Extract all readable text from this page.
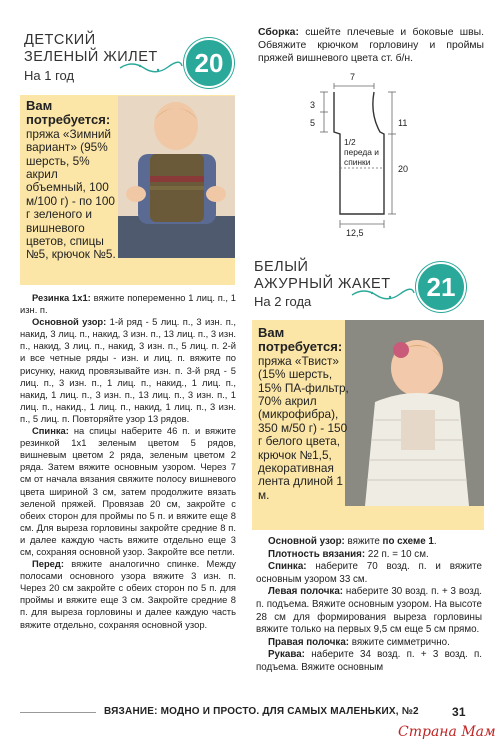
ДЕТСКИЙ
ЗЕЛЕНЫЙ ЖИЛЕТ
На 1 год	20
Вам потребуется: пряжа «Зимний вариант» (95% шерсть, 5% акрил объемный, 100 м/100 г) - по 100 г зеленого и вишневого цветов, спицы №5, крючок №5.

Резинка 1х1: вяжите попеременно 1 лиц. п., 1 изн. п.

Основной узор: 1-й ряд - 5 лиц. п., 3 изн. п., накид, 3 лиц. п., накид, 3 изн. п., 13 лиц. п., 3 изн. п., накид, 3 лиц. п., накид, 3 изн. п., 5 лиц. п. 2-й и все четные ряды - изн. и лиц. п. вяжите по рисунку, накид провязывайте изн. п. 3-й ряд - 5 лиц. п., 3 изн. п., 1 лиц. п., накид., 1 лиц. п., накид, 1 лиц. п., 3 изн. п., 13 лиц. п., 3 изн. п., 1 лиц. п., накид., 1 лиц. п., накид, 1 лиц. п., 3 изн. п., 5 лиц. п. Повторяйте узор 13 рядов.

Спинка: на спицы наберите 46 п. и вяжите резинкой 1х1 зеленым цветом 5 рядов, вишневым цветом 2 ряда, зеленым цветом 2 ряда. Затем вяжите основным узором. Через 7 см от начала вязания свяжите полосу вишневого цвета шириной 3 см, затем продолжите вязать зеленой пряжей. Провязав 20 см, закройте с обеих сторон для проймы по 5 п. и вяжите еще 8 см. Для выреза горловины закройте средние 8 п. и далее каждую часть вяжите отдельно еще 3 см, сохраняя основной узор. Закройте все петли.

Перед: вяжите аналогично спинке. Между полосами основного узора вяжите 3 изн. п. Через 20 см закройте с обеих сторон по 5 п. для проймы и вяжите еще 3 см. Закройте средние 8 п. для выреза горловины и далее каждую часть вяжите отдельно, сохраняя основной узор.

Сборка: сшейте плечевые и боковые швы. Обвяжите крючком горловину и проймы пряжей вишневого цвета ст. б/н.
7
3
5	11
20
12,5
1/2 переда и спинки
БЕЛЫЙ
АЖУРНЫЙ ЖАКЕТ
На 2 года	21
Вам потребуется: пряжа «Твист» (15% шерсть, 15% ПА-фильтр, 70% акрил (микрофибра), 350 м/50 г) - 150 г белого цвета, крючок №1,5, декоративная лента длиной 1 м.

Основной узор: вяжите по схеме 1.

Плотность вязания: 22 п. = 10 см.

Спинка: наберите 70 возд. п. и вяжите основным узором 33 см.

Левая полочка: наберите 30 возд. п. + 3 возд. п. подъема. Вяжите основным узором. На высоте 28 см для формирования выреза горловины вяжите только на первых 9,5 см еще 5 см прямо.

Правая полочка: вяжите симметрично.

Рукава: наберите 34 возд. п. + 3 возд. п. подъема. Вяжите основным

ВЯЗАНИЕ: МОДНО И ПРОСТО. ДЛЯ САМЫХ МАЛЕНЬКИХ, №2	31
Страна Мам
